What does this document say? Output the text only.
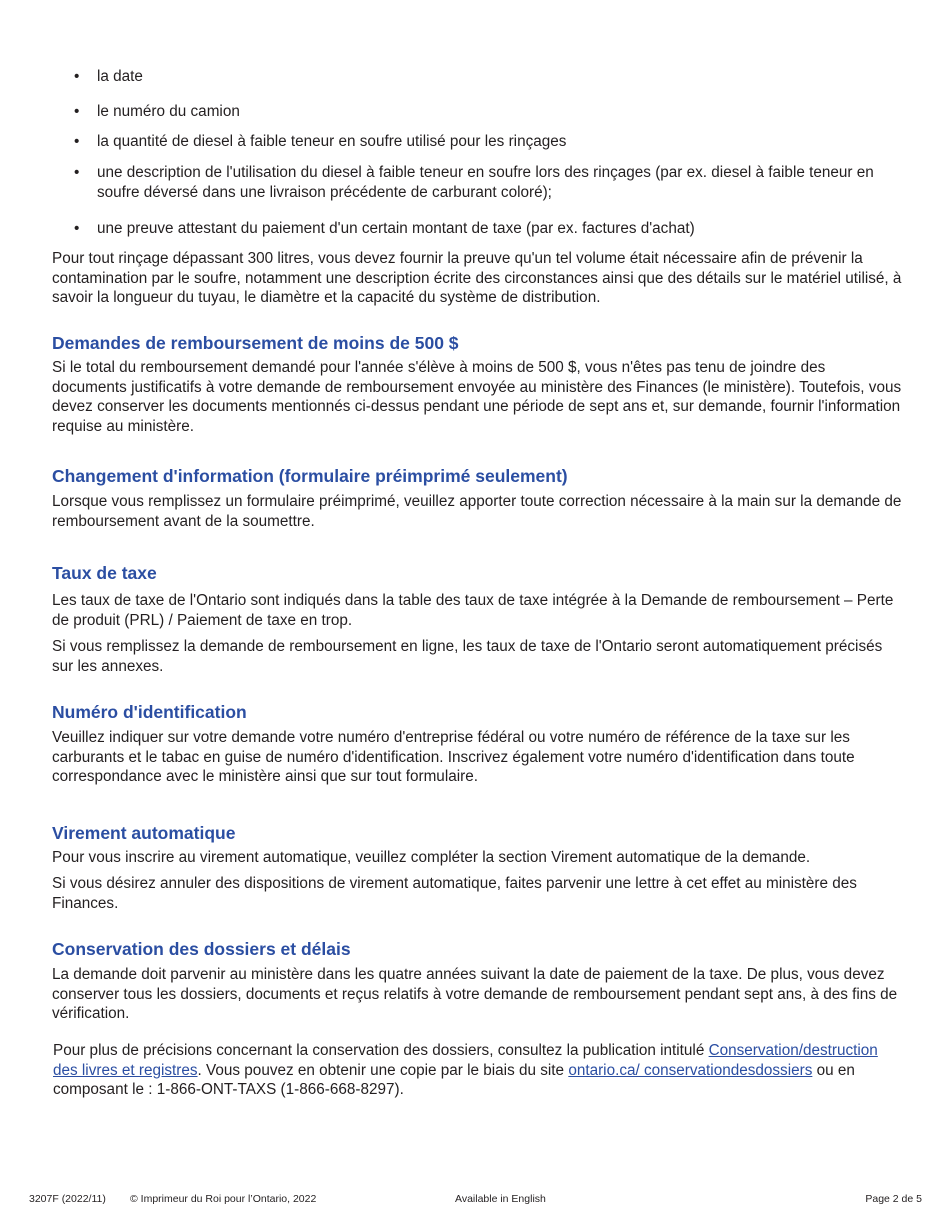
•	la date
•	le numéro du camion
•	la quantité de diesel à faible teneur en soufre utilisé pour les rinçages
•	une description de l'utilisation du diesel à faible teneur en soufre lors des rinçages (par ex. diesel à faible teneur en soufre déversé dans une livraison précédente de carburant coloré);
•	une preuve attestant du paiement d'un certain montant de taxe (par ex. factures d'achat)

Pour tout rinçage dépassant 300 litres, vous devez fournir la preuve qu'un tel volume était nécessaire afin de prévenir la contamination par le soufre, notamment une description écrite des circonstances ainsi que des détails sur le matériel utilisé, à savoir la longueur du tuyau, le diamètre et la capacité du système de distribution.

Demandes de remboursement de moins de 500 $

Si le total du remboursement demandé pour l'année s'élève à moins de 500 $, vous n'êtes pas tenu de joindre des documents justificatifs à votre demande de remboursement envoyée au ministère des Finances (le ministère). Toutefois, vous devez conserver les documents mentionnés ci-dessus pendant une période de sept ans et, sur demande, fournir l'information requise au ministère.

Changement d'information (formulaire préimprimé seulement)

Lorsque vous remplissez un formulaire préimprimé, veuillez apporter toute correction nécessaire à la main sur la demande de remboursement avant de la soumettre.

Taux de taxe

Les taux de taxe de l'Ontario sont indiqués dans la table des taux de taxe intégrée à la Demande de remboursement – Perte de produit (PRL) / Paiement de taxe en trop.

Si vous remplissez la demande de remboursement en ligne, les taux de taxe de l'Ontario seront automatiquement précisés sur les annexes.

Numéro d'identification

Veuillez indiquer sur votre demande votre numéro d'entreprise fédéral ou votre numéro de référence de la taxe sur les carburants et le tabac en guise de numéro d'identification. Inscrivez également votre numéro d'identification dans toute correspondance avec le ministère ainsi que sur tout formulaire.

Virement automatique

Pour vous inscrire au virement automatique, veuillez compléter la section Virement automatique de la demande.

Si vous désirez annuler des dispositions de virement automatique, faites parvenir une lettre à cet effet au ministère des Finances.

Conservation des dossiers et délais

La demande doit parvenir au ministère dans les quatre années suivant la date de paiement de la taxe. De plus, vous devez conserver tous les dossiers, documents et reçus relatifs à votre demande de remboursement pendant sept ans, à des fins de vérification.

Pour plus de précisions concernant la conservation des dossiers, consultez la publication intitulé Conservation/destruction des livres et registres. Vous pouvez en obtenir une copie par le biais du site ontario.ca/ conservationdesdossiers ou en composant le : 1-866-ONT-TAXS (1-866-668-8297).

3207F (2022/11) © Imprimeur du Roi pour l’Ontario, 2022	Available in English	Page 2 de 5
